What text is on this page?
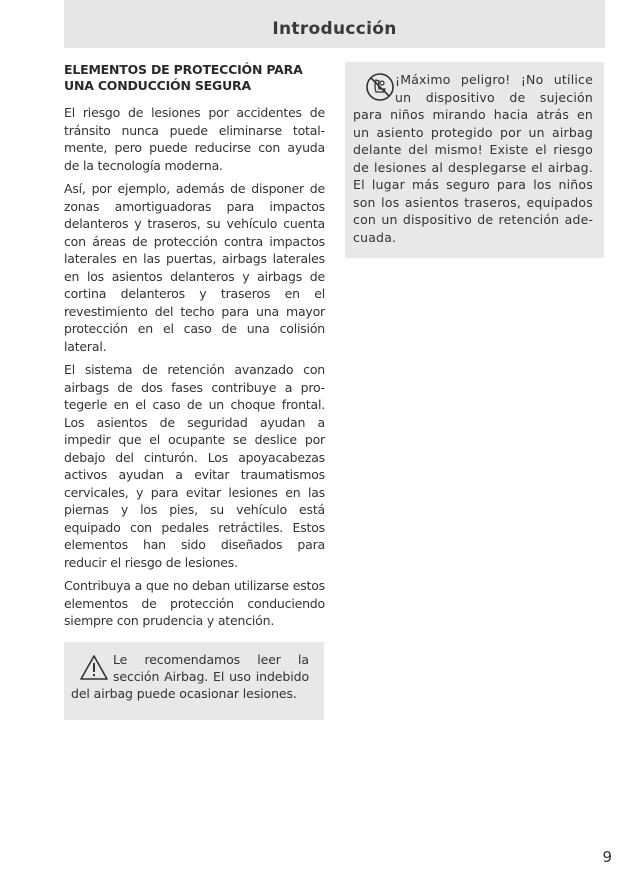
Introducción
ELEMENTOS DE PROTECCIÓN PARA UNA CONDUCCIÓN SEGURA

El riesgo de lesiones por accidentes de tránsito nunca puede eliminarse totalmente, pero puede reducirse con ayuda de la tecnología moderna.

Así, por ejemplo, además de disponer de zonas amortiguadoras para impactos delanteros y traseros, su vehículo cuenta con áreas de protección contra impactos laterales en las puertas, airbags laterales en los asientos delanteros y airbags de cortina delanteros y traseros en el revestimiento del techo para una mayor protección en el caso de una colisión lateral.

El sistema de retención avanzado con airbags de dos fases contribuye a protegerle en el caso de un choque frontal. Los asientos de seguridad ayudan a impedir que el ocupante se deslice por debajo del cinturón. Los apoyacabezas activos ayudan a evitar traumatismos cervicales, y para evitar lesiones en las piernas y los pies, su vehículo está equipado con pedales retráctiles. Estos elementos han sido diseñados para reducir el riesgo de lesiones.

Contribuya a que no deban utilizarse estos elementos de protección conduciendo siempre con prudencia y atención.

Le recomendamos leer la sección Airbag. El uso indebido del airbag puede ocasionar lesiones.
¡Máximo peligro! ¡No utilice un dispositivo de sujeción para niños mirando hacia atrás en un asiento protegido por un airbag delante del mismo! Existe el riesgo de lesiones al desplegarse el airbag. El lugar más seguro para los niños son los asientos traseros, equipados con un dispositivo de retención adecuada.
9
